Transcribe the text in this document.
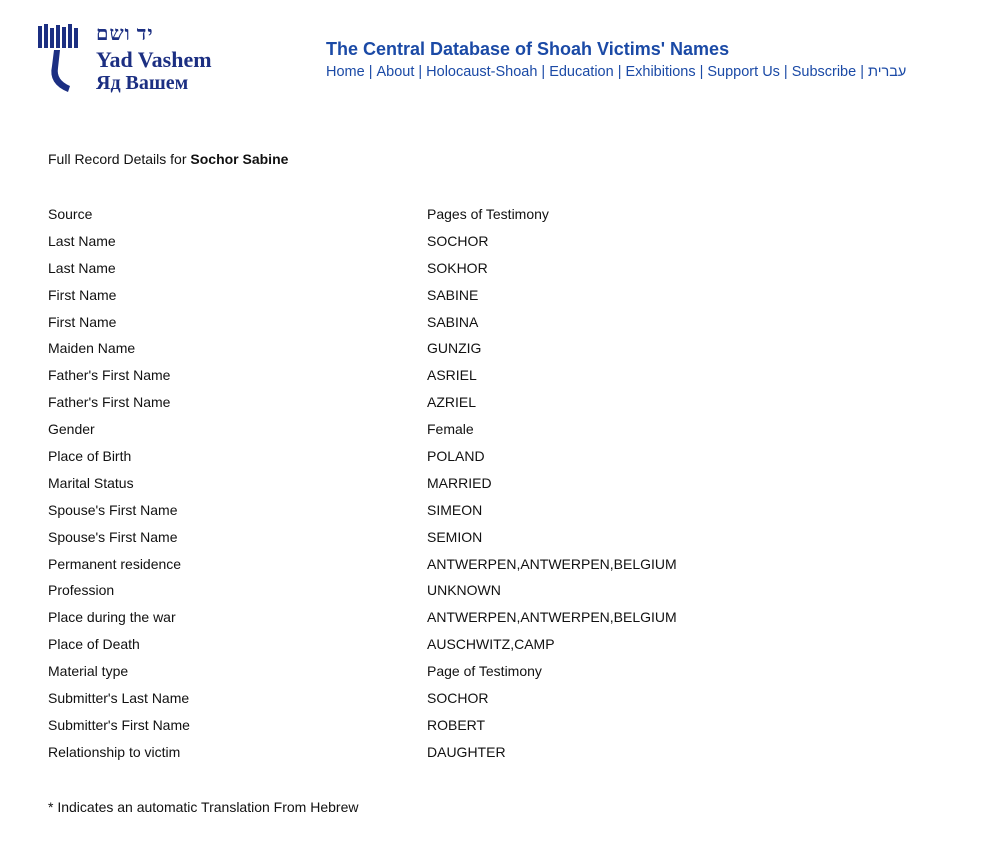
יד ושם
Yad Vashem
Яд Вашем
The Central Database of Shoah Victims' Names
Home | About | Holocaust-Shoah | Education | Exhibitions | Support Us | Subscribe | עברית
Full Record Details for Sochor Sabine
Source	Pages of Testimony
Last Name	SOCHOR
Last Name	SOKHOR
First Name	SABINE
First Name	SABINA
Maiden Name	GUNZIG
Father's First Name	ASRIEL
Father's First Name	AZRIEL
Gender	Female
Place of Birth	POLAND
Marital Status	MARRIED
Spouse's First Name	SIMEON
Spouse's First Name	SEMION
Permanent residence	ANTWERPEN,ANTWERPEN,BELGIUM
Profession	UNKNOWN
Place during the war	ANTWERPEN,ANTWERPEN,BELGIUM
Place of Death	AUSCHWITZ,CAMP
Material type	Page of Testimony
Submitter's Last Name	SOCHOR
Submitter's First Name	ROBERT
Relationship to victim	DAUGHTER
* Indicates an automatic Translation From Hebrew
